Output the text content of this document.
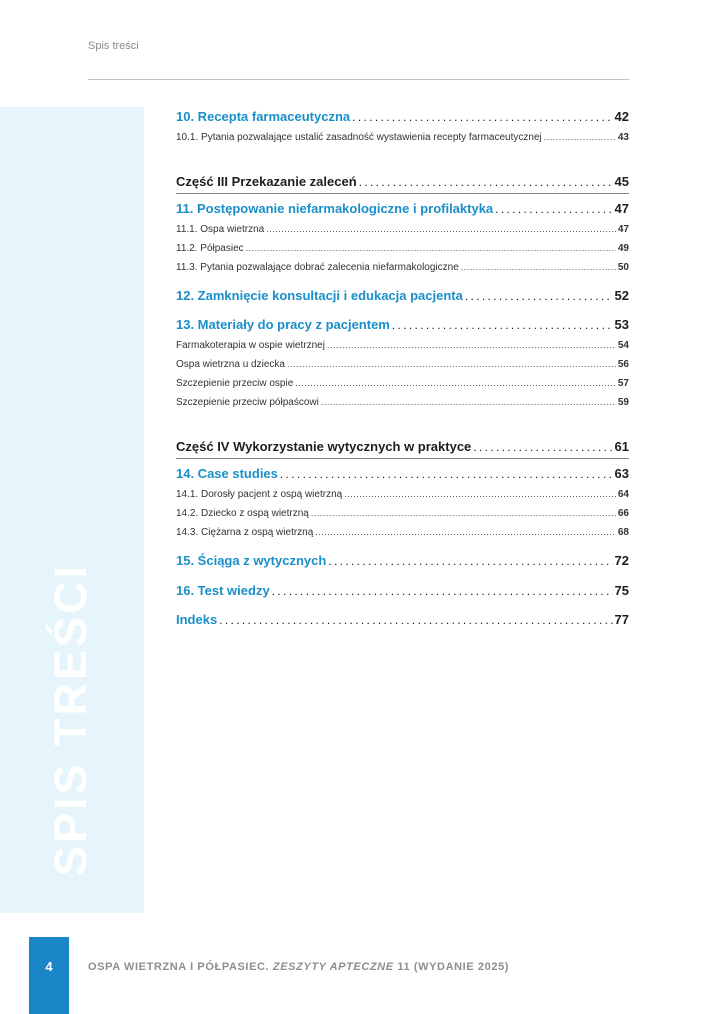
Spis treści
SPIS TREŚCI
10. Recepta farmaceutyczna . . .	42
10.1. Pytania pozwalające ustalić zasadność wystawienia recepty farmaceutycznej . . .	43
Część III Przekazanie zaleceń . . .	45
11. Postępowanie niefarmakologiczne i profilaktyka . . .	47
11.1. Ospa wietrzna . . .	47
11.2. Półpasiec . . .	49
11.3. Pytania pozwalające dobrać zalecenia niefarmakologiczne . . .	50
12. Zamknięcie konsultacji i edukacja pacjenta . . .	52
13. Materiały do pracy z pacjentem . . .	53
Farmakoterapia w ospie wietrznej . . .	54
Ospa wietrzna u dziecka . . .	56
Szczepienie przeciw ospie . . .	57
Szczepienie przeciw półpaścowi . . .	59
Część IV Wykorzystanie wytycznych w praktyce . . .	61
14. Case studies . . .	63
14.1. Dorosły pacjent z ospą wietrzną . . .	64
14.2. Dziecko z ospą wietrzną . . .	66
14.3. Ciężarna z ospą wietrzną . . .	68
15. Ściąga z wytycznych . . .	72
16. Test wiedzy . . .	75
Indeks . . .	77
4	OSPA WIETRZNA I PÓŁPASIEC. ZESZYTY APTECZNE 11 (WYDANIE 2025)
